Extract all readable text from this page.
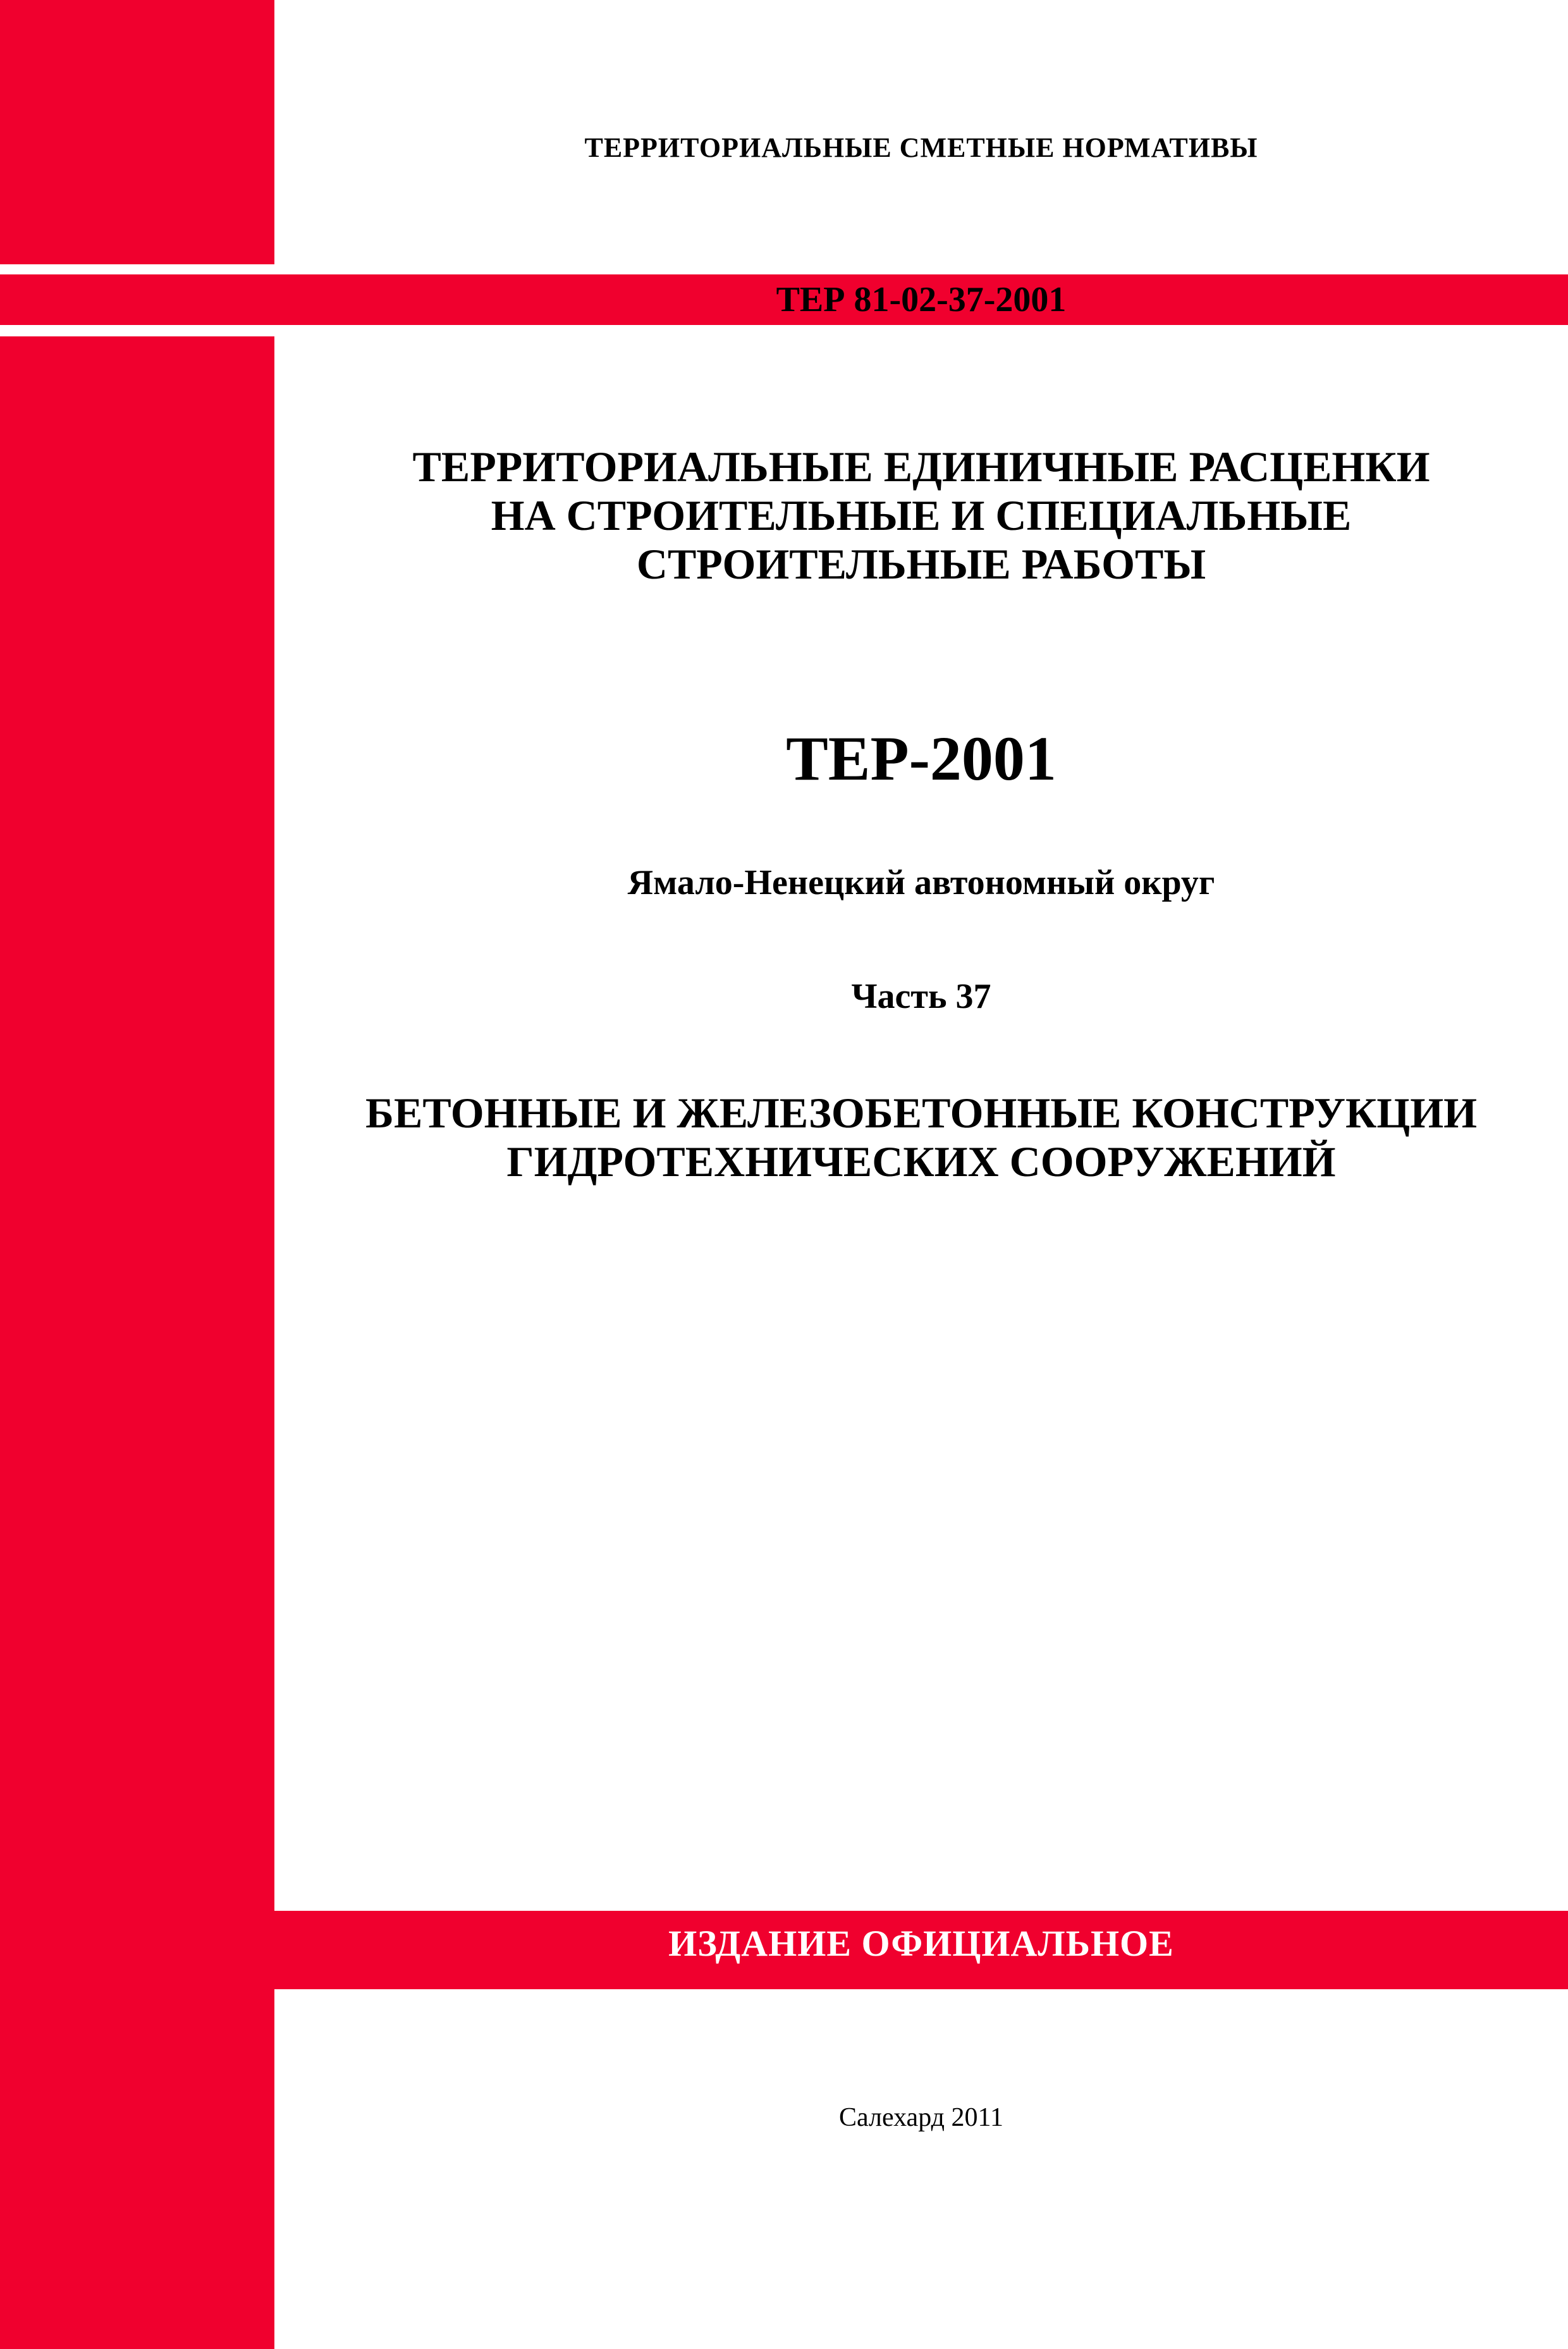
ТЕРРИТОРИАЛЬНЫЕ СМЕТНЫЕ НОРМАТИВЫ
ТЕР 81-02-37-2001
ТЕРРИТОРИАЛЬНЫЕ ЕДИНИЧНЫЕ РАСЦЕНКИ
НА СТРОИТЕЛЬНЫЕ И СПЕЦИАЛЬНЫЕ
СТРОИТЕЛЬНЫЕ РАБОТЫ
ТЕР-2001
Ямало-Ненецкий автономный округ
Часть 37
БЕТОННЫЕ И ЖЕЛЕЗОБЕТОННЫЕ КОНСТРУКЦИИ
ГИДРОТЕХНИЧЕСКИХ СООРУЖЕНИЙ
ИЗДАНИЕ ОФИЦИАЛЬНОЕ
Салехард 2011
